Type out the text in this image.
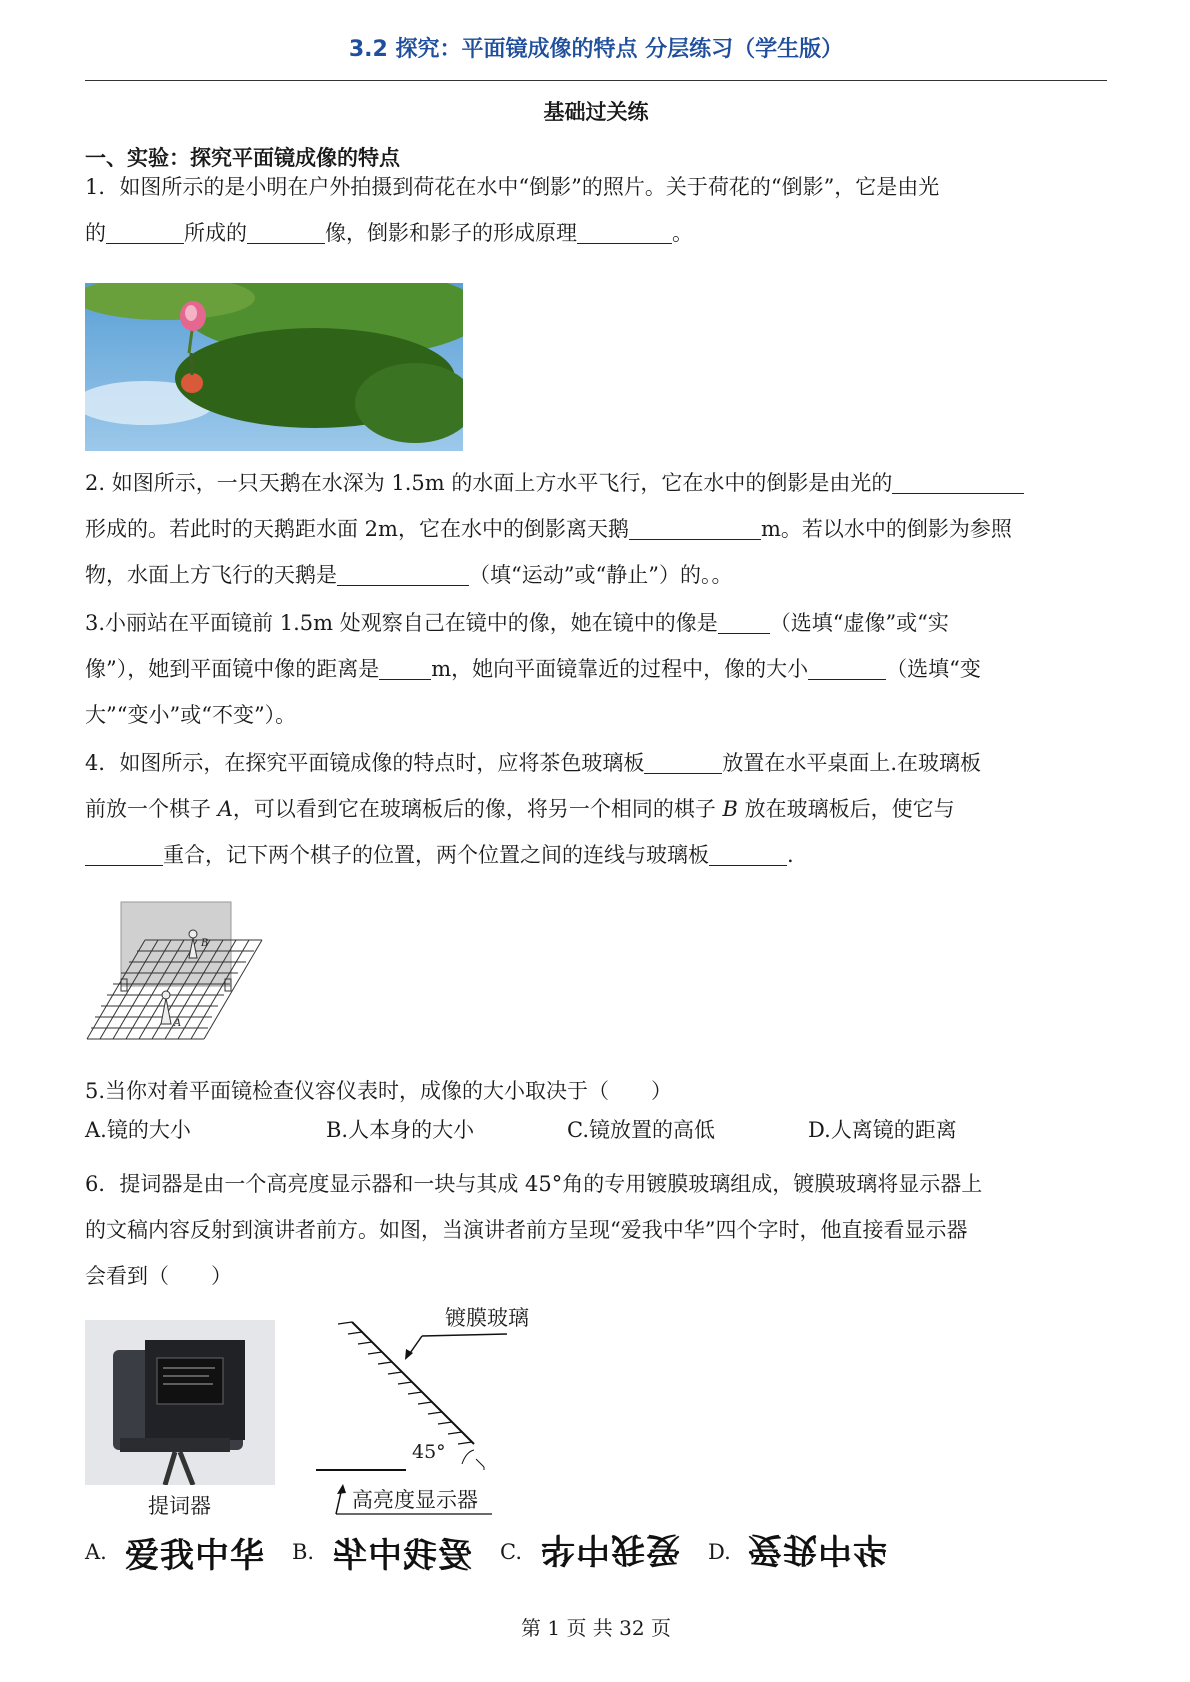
3.2 探究：平面镜成像的特点 分层练习（学生版）
基础过关练
一、实验：探究平面镜成像的特点
1．如图所示的是小明在户外拍摄到荷花在水中“倒影”的照片。关于荷花的“倒影”，它是由光
的	所成的	像，倒影和影子的形成原理	。
2. 如图所示，一只天鹅在水深为 1.5m 的水面上方水平飞行，它在水中的倒影是由光的
形成的。若此时的天鹅距水面 2m，它在水中的倒影离天鹅	m。若以水中的倒影为参照
物，水面上方飞行的天鹅是	（填“运动”或“静止”）的。。
3.小丽站在平面镜前 1.5m 处观察自己在镜中的像，她在镜中的像是 （选填“虚像”或“实
像”），她到平面镜中像的距离是 m，她向平面镜靠近的过程中，像的大小	（选填“变
大”“变小”或“不变”）。
4．如图所示，在探究平面镜成像的特点时，应将茶色玻璃板	放置在水平桌面上.在玻璃板
前放一个棋子 A，可以看到它在玻璃板后的像，将另一个相同的棋子 B 放在玻璃板后，使它与
重合，记下两个棋子的位置，两个位置之间的连线与玻璃板	.
B
A
5.当你对着平面镜检查仪容仪表时，成像的大小取决于（　　）
A.镜的大小	B.人本身的大小	C.镜放置的高低	D.人离镜的距离
6．提词器是由一个高亮度显示器和一块与其成 45°角的专用镀膜玻璃组成，镀膜玻璃将显示器上
的文稿内容反射到演讲者前方。如图，当演讲者前方呈现“爱我中华”四个字时，他直接看显示器
会看到（　　）
提词器
镀膜玻璃
45°
高亮度显示器
A. 爱我中华 B. 爱我中华 C. 爱我中华 D. 爱我中华
第 1 页 共 32 页
